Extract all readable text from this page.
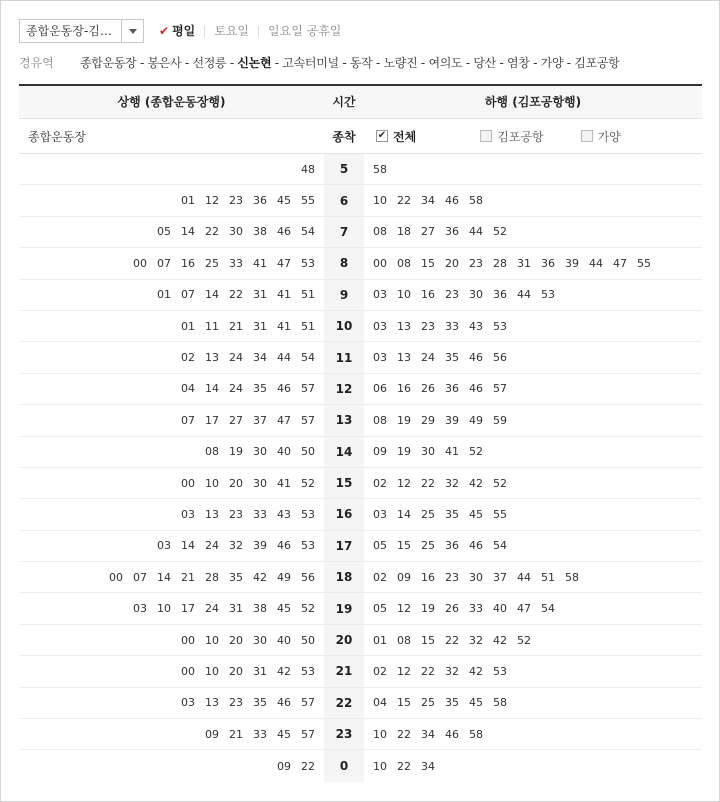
종합운동장-김…	✔ 평일 토요일 일요일 공휴일
경유역	종합운동장 - 봉은사 - 선정릉 - 신논현 - 고속터미널 - 동작 - 노량진 - 여의도 - 당산 - 염창 - 가양 - 김포공항
상행 (종합운동장행)	시간	하행 (김포공항행)
종합운동장	종착	✔ 전체	김포공항	가양
48	5	58
01 12 23 36 45 55	6	10 22 34 46 58
05 14 22 30 38 46 54	7	08 18 27 36 44 52
00 07 16 25 33 41 47 53	8	00 08 15 20 23 28 31 36 39 44 47 55
01 07 14 22 31 41 51	9	03 10 16 23 30 36 44 53
01 11 21 31 41 51	10	03 13 23 33 43 53
02 13 24 34 44 54	11	03 13 24 35 46 56
04 14 24 35 46 57	12	06 16 26 36 46 57
07 17 27 37 47 57	13	08 19 29 39 49 59
08 19 30 40 50	14	09 19 30 41 52
00 10 20 30 41 52	15	02 12 22 32 42 52
03 13 23 33 43 53	16	03 14 25 35 45 55
03 14 24 32 39 46 53	17	05 15 25 36 46 54
00 07 14 21 28 35 42 49 56	18	02 09 16 23 30 37 44 51 58
03 10 17 24 31 38 45 52	19	05 12 19 26 33 40 47 54
00 10 20 30 40 50	20	01 08 15 22 32 42 52
00 10 20 31 42 53	21	02 12 22 32 42 53
03 13 23 35 46 57	22	04 15 25 35 45 58
09 21 33 45 57	23	10 22 34 46 58
09 22	0	10 22 34
